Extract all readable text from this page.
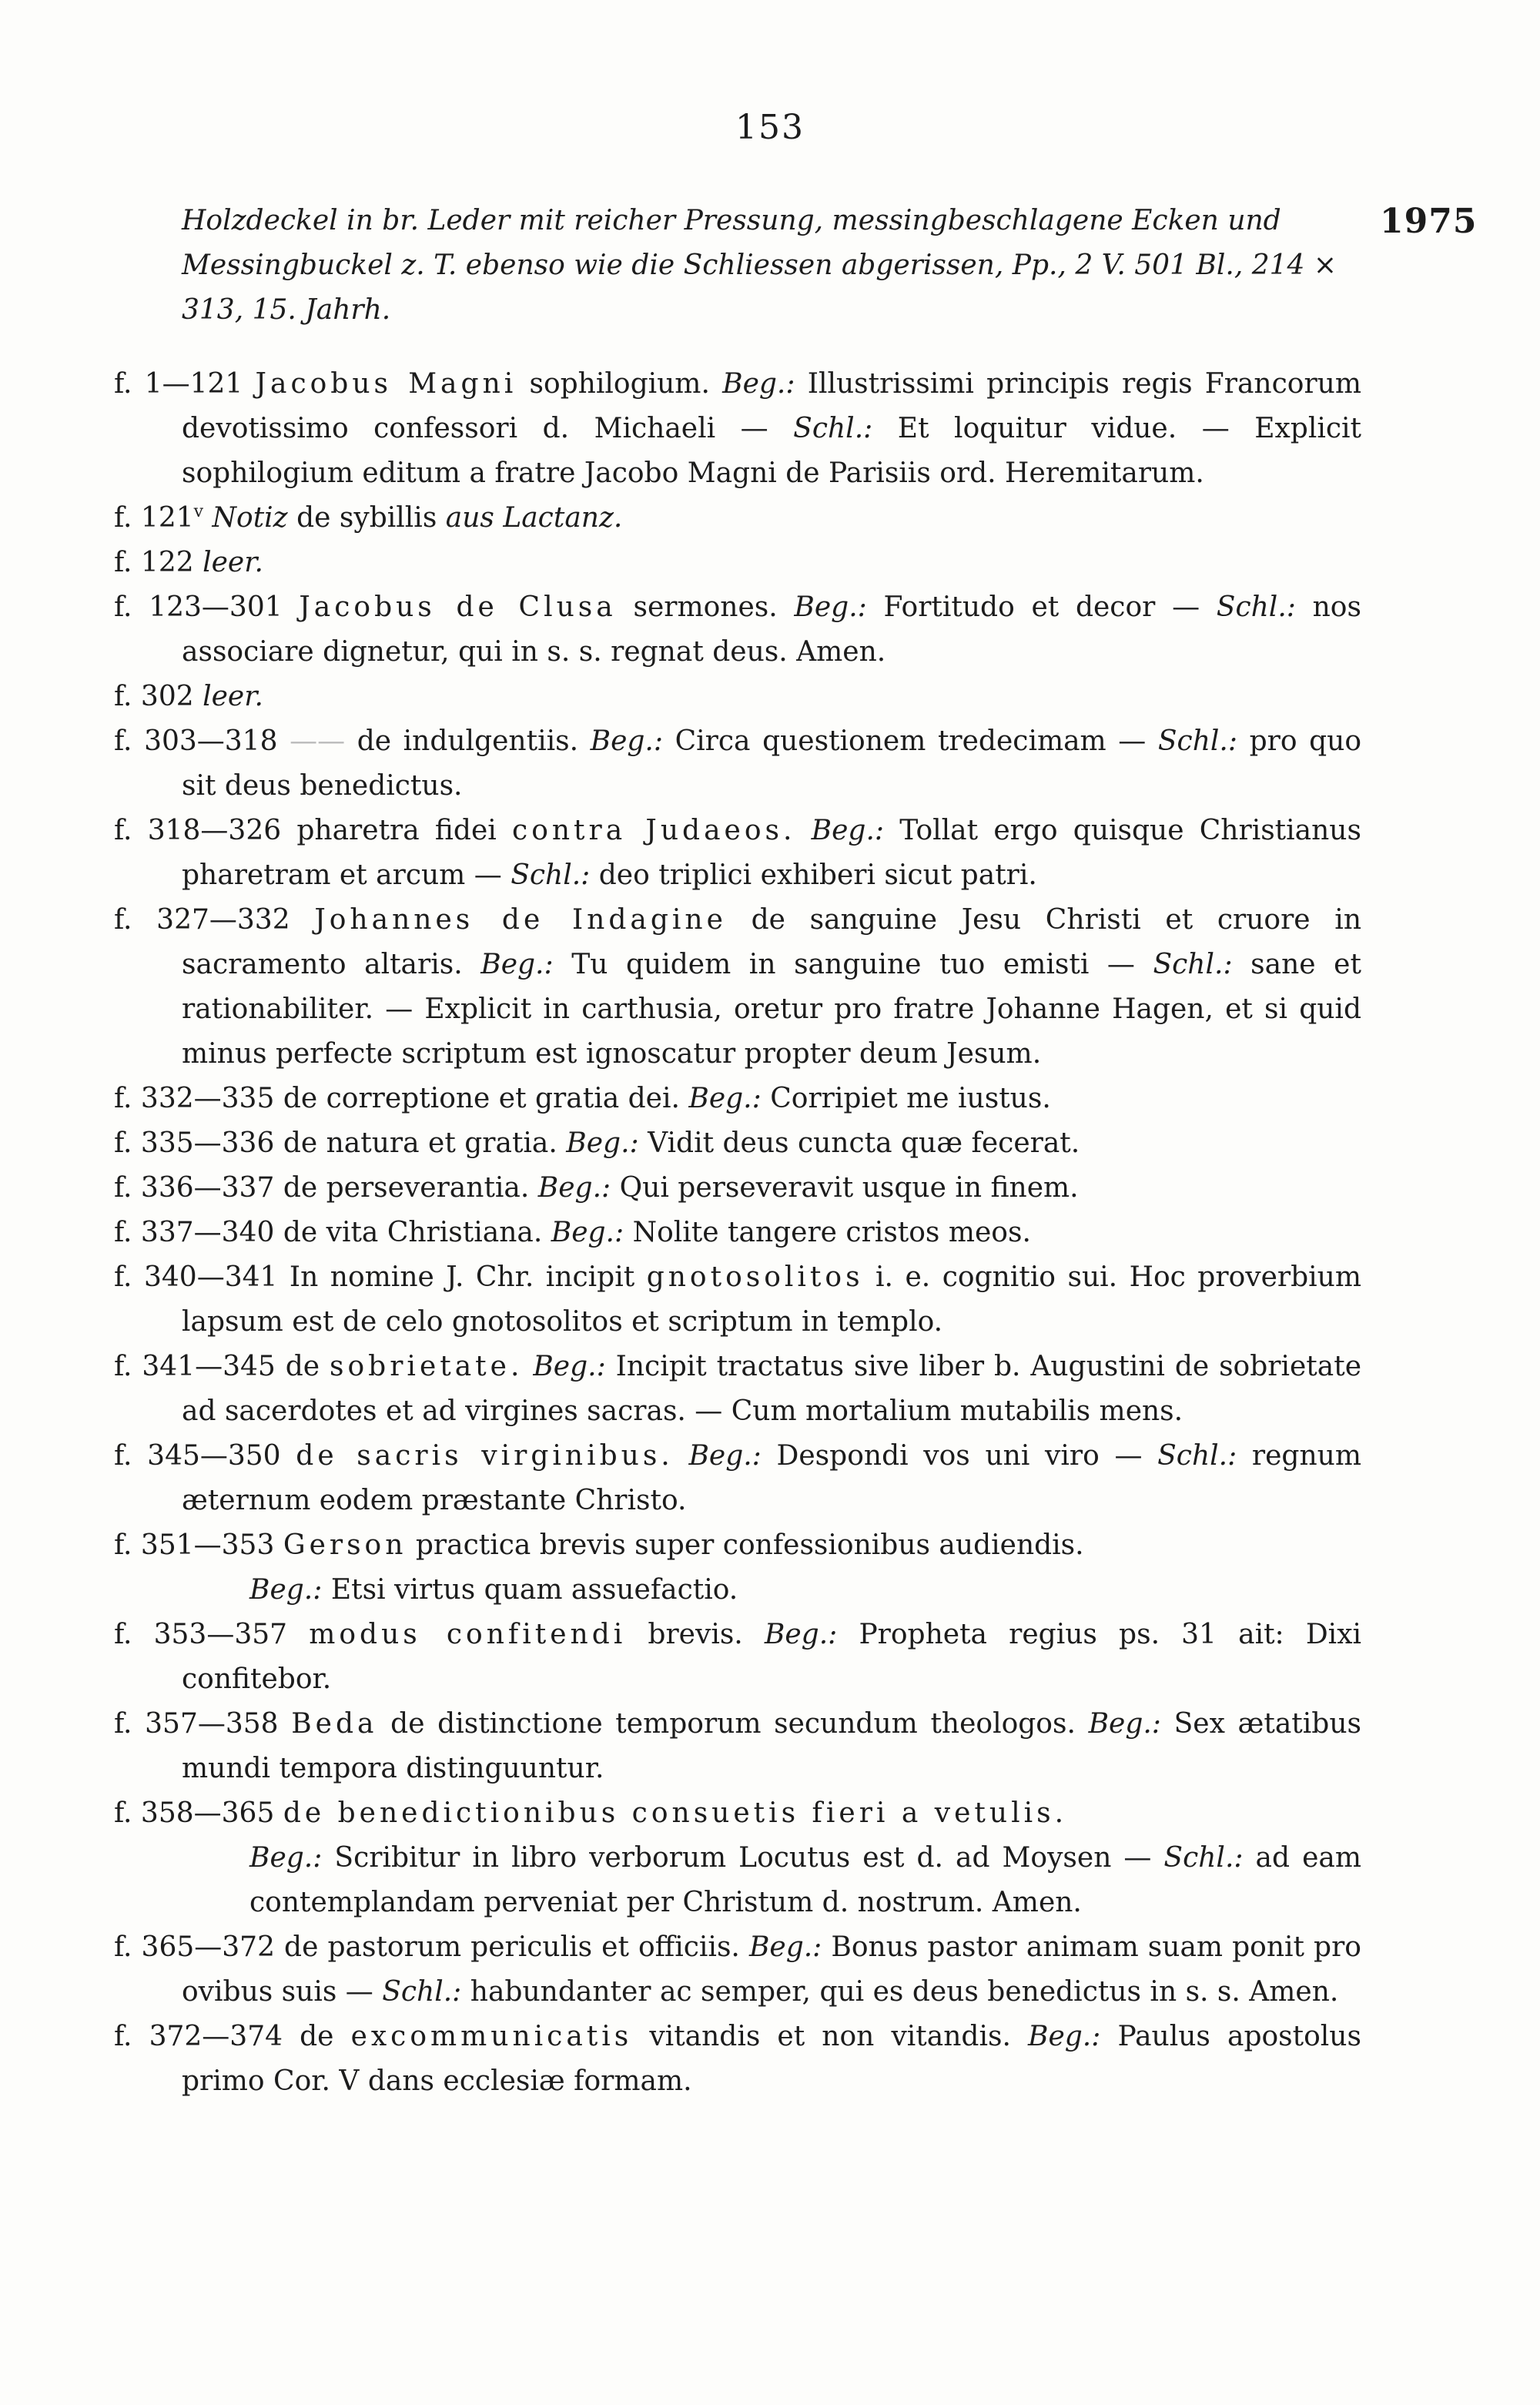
153
1975
Holzdeckel in br. Leder mit reicher Pressung, messingbeschlagene Ecken und Messingbuckel z. T. ebenso wie die Schliessen abgerissen, Pp., 2 V. 501 Bl., 214 × 313, 15. Jahrh.
f. 1—121 Jacobus Magni sophilogium. Beg.: Illustrissimi principis regis Francorum devotissimo confessori d. Michaeli — Schl.: Et loquitur vidue. — Explicit sophilogium editum a fratre Jacobo Magni de Parisiis ord. Heremitarum.
f. 121$^v$ Notiz de sybillis aus Lactanz.
f. 122 leer.
f. 123—301 Jacobus de Clusa sermones. Beg.: Fortitudo et decor — Schl.: nos associare dignetur, qui in s. s. regnat deus. Amen.
f. 302 leer.
f. 303—318 —— de indulgentiis. Beg.: Circa questionem tredecimam — Schl.: pro quo sit deus benedictus.
f. 318—326 pharetra fidei contra Judaeos. Beg.: Tollat ergo quisque Christianus pharetram et arcum — Schl.: deo triplici exhiberi sicut patri.
f. 327—332 Johannes de Indagine de sanguine Jesu Christi et cruore in sacramento altaris. Beg.: Tu quidem in sanguine tuo emisti — Schl.: sane et rationabiliter. — Explicit in carthusia, oretur pro fratre Johanne Hagen, et si quid minus perfecte scriptum est ignoscatur propter deum Jesum.
f. 332—335 de correptione et gratia dei. Beg.: Corripiet me iustus.
f. 335—336 de natura et gratia. Beg.: Vidit deus cuncta quæ fecerat.
f. 336—337 de perseverantia. Beg.: Qui perseveravit usque in finem.
f. 337—340 de vita Christiana. Beg.: Nolite tangere cristos meos.
f. 340—341 In nomine J. Chr. incipit gnotosolitos i. e. cognitio sui. Hoc proverbium lapsum est de celo gnotosolitos et scriptum in templo.
f. 341—345 de sobrietate. Beg.: Incipit tractatus sive liber b. Augustini de sobrietate ad sacerdotes et ad virgines sacras. — Cum mortalium mutabilis mens.
f. 345—350 de sacris virginibus. Beg.: Despondi vos uni viro — Schl.: regnum æternum eodem præstante Christo.
f. 351—353 Gerson practica brevis super confessionibus audiendis.
Beg.: Etsi virtus quam assuefactio.
f. 353—357 modus confitendi brevis. Beg.: Propheta regius ps. 31 ait: Dixi confitebor.
f. 357—358 Beda de distinctione temporum secundum theologos. Beg.: Sex ætatibus mundi tempora distinguuntur.
f. 358—365 de benedictionibus consuetis fieri a vetulis.
Beg.: Scribitur in libro verborum Locutus est d. ad Moysen — Schl.: ad eam contemplandam perveniat per Christum d. nostrum. Amen.
f. 365—372 de pastorum periculis et officiis. Beg.: Bonus pastor animam suam ponit pro ovibus suis — Schl.: habundanter ac semper, qui es deus benedictus in s. s. Amen.
f. 372—374 de excommunicatis vitandis et non vitandis. Beg.: Paulus apostolus primo Cor. V dans ecclesiæ formam.
